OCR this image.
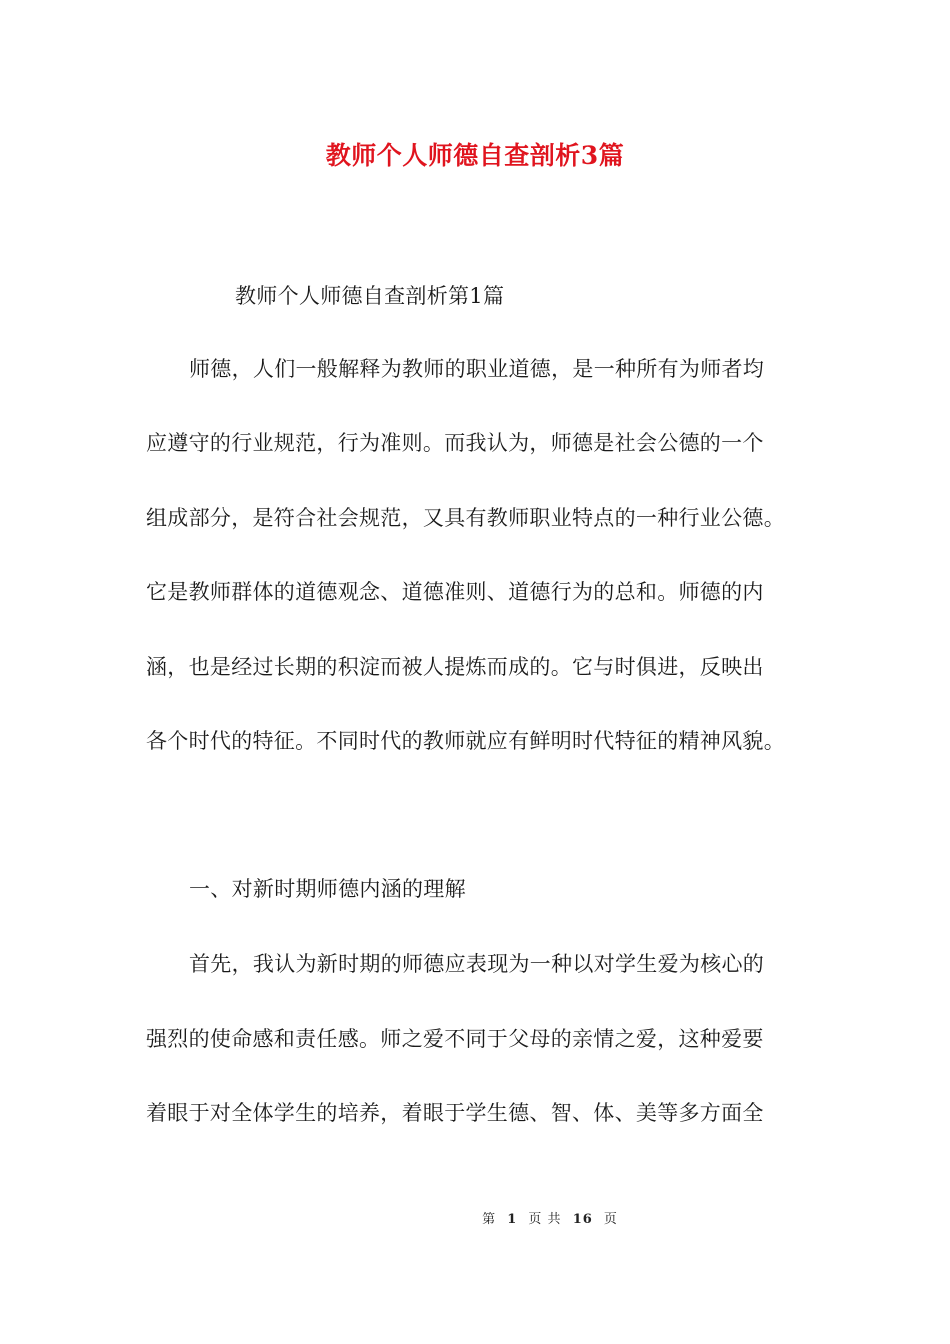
教师个人师德自查剖析3篇
教师个人师德自查剖析第1篇
师德，人们一般解释为教师的职业道德，是一种所有为师者均
应遵守的行业规范，行为准则。而我认为，师德是社会公德的一个
组成部分，是符合社会规范，又具有教师职业特点的一种行业公德。
它是教师群体的道德观念、道德准则、道德行为的总和。师德的内
涵，也是经过长期的积淀而被人提炼而成的。它与时俱进，反映出
各个时代的特征。不同时代的教师就应有鲜明时代特征的精神风貌。
一、对新时期师德内涵的理解
首先，我认为新时期的师德应表现为一种以对学生爱为核心的
强烈的使命感和责任感。师之爱不同于父母的亲情之爱，这种爱要
着眼于对全体学生的培养，着眼于学生德、智、体、美等多方面全
第 1 页 共 16 页
